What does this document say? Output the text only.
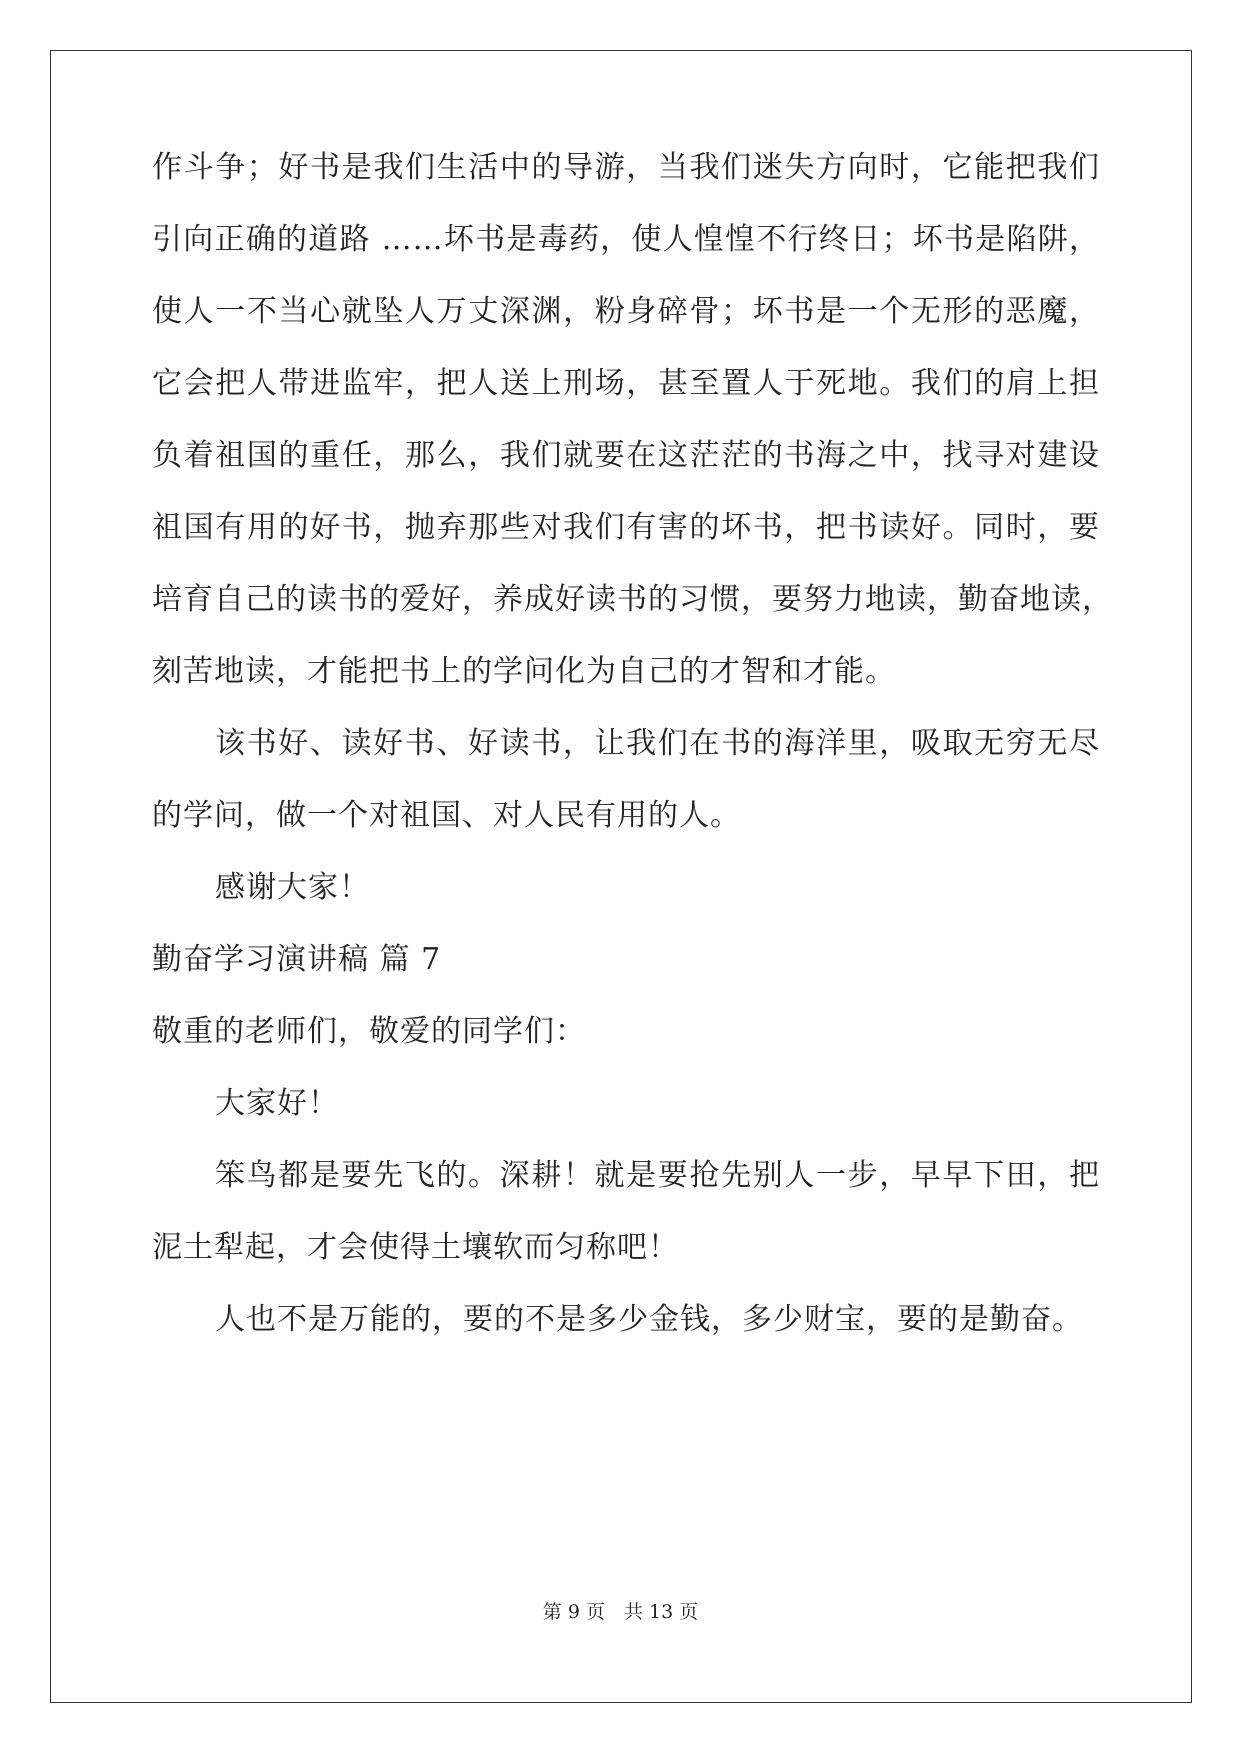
作斗争；好书是我们生活中的导游，当我们迷失方向时，它能把我们
引向正确的道路 ……坏书是毒药，使人惶惶不行终日；坏书是陷阱，
使人一不当心就坠人万丈深渊，粉身碎骨；坏书是一个无形的恶魔，
它会把人带进监牢，把人送上刑场，甚至置人于死地。我们的肩上担
负着祖国的重任，那么，我们就要在这茫茫的书海之中，找寻对建设
祖国有用的好书，抛弃那些对我们有害的坏书，把书读好。同时，要
培育自己的读书的爱好，养成好读书的习惯，要努力地读，勤奋地读，
刻苦地读，才能把书上的学问化为自己的才智和才能。
该书好、读好书、好读书，让我们在书的海洋里，吸取无穷无尽
的学问，做一个对祖国、对人民有用的人。
感谢大家！
勤奋学习演讲稿 篇 7
敬重的老师们，敬爱的同学们：
大家好！
笨鸟都是要先飞的。深耕！就是要抢先别人一步，早早下田，把
泥土犁起，才会使得土壤软而匀称吧！
人也不是万能的，要的不是多少金钱，多少财宝，要的是勤奋。
第 9 页　共 13 页
